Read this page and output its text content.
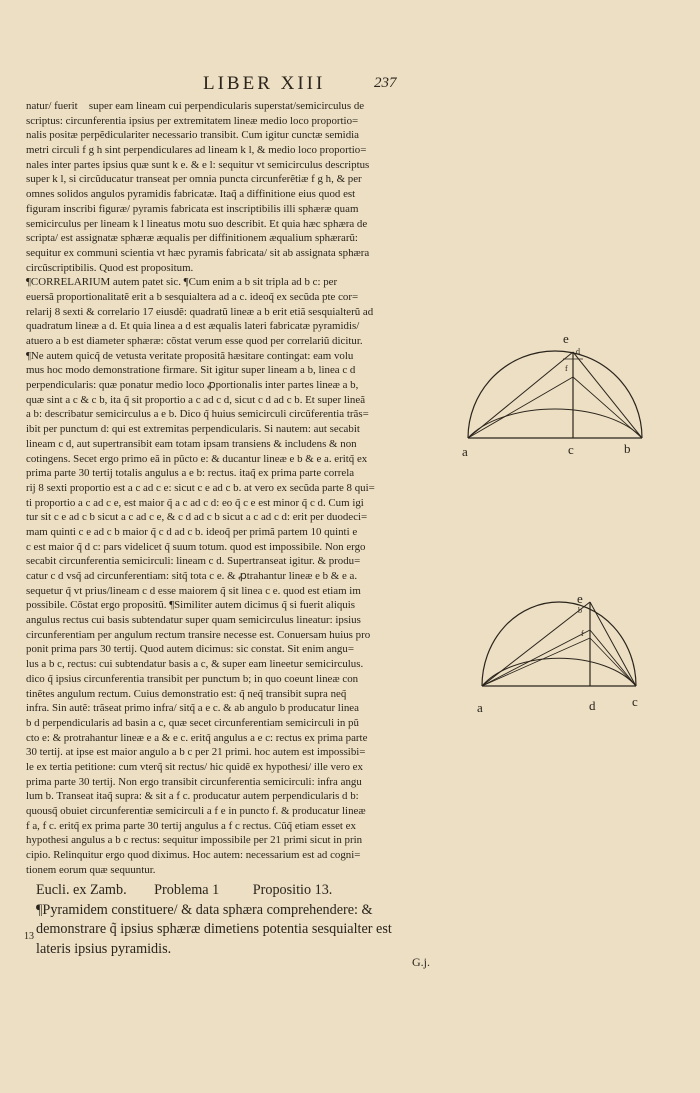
LIBER XIII	237
natur/ fuerit super eam lineam cui perpendicularis superstat/semicirculus de
scriptus: circunferentia ipsius per extremitatem lineæ medio loco proportio=
nalis positæ perpẽdiculariter necessario transibit. Cum igitur cunctæ semidia
metri circuli f g h sint perpendiculares ad lineam k l, & medio loco proportio=
nales inter partes ipsius quæ sunt k e. & e l: sequitur vt semicirculus descriptus
super k l, si circũducatur transeat per omnia puncta circunferẽtiæ f g h, & per
omnes solidos angulos pyramidis fabricatæ. Itaq̃ a diffinitione eius quod est
figuram inscribi figuræ/ pyramis fabricata est inscriptibilis illi sphæræ quam
semicirculus per lineam k l lineatus motu suo describit. Et quia hæc sphæra de
scripta/ est assignatæ sphæræ æqualis per diffinitionem æqualium sphærarũ:
sequitur ex communi scientia vt hæc pyramis fabricata/ sit ab assignata sphæra
circũscriptibilis. Quod est propositum.
¶CORRELARIUM autem patet sic. ¶Cum enim a b sit tripla ad b c: per
euersã proportionalitatẽ erit a b sesquialtera ad a c. ideoq̃ ex secũda pte cor=
relarij 8 sexti & correlario 17 eiusdẽ: quadratũ lineæ a b erit etiã sesquialterũ ad
quadratum lineæ a d. Et quia linea a d est æqualis lateri fabricatæ pyramidis/
atuero a b est diameter sphæræ: cõstat verum esse quod per correlariũ dicitur.
¶Ne autem quicq̃ de vetusta veritate propositã hæsitare contingat: eam volu
mus hoc modo demonstratione firmare. Sit igitur super lineam a b, linea c d
perpendicularis: quæ ponatur medio loco ꝓportionalis inter partes lineæ a b,
quæ sint a c & c b, ita q̃ sit proportio a c ad c d, sicut c d ad c b. Et super lineã
a b: describatur semicirculus a e b. Dico q̃ huius semicirculi circũferentia trãs=
ibit per punctum d: qui est extremitas perpendicularis. Si nautem: aut secabit
lineam c d, aut supertransibit eam totam ipsam transiens & includens & non
cotingens. Secet ergo primo eã in pũcto e: & ducantur lineæ e b & e a. eritq̃ ex
prima parte 30 tertij totalis angulus a e b: rectus. itaq̃ ex prima parte correla
rij 8 sexti proportio est a c ad c e: sicut c e ad c b. at vero ex secũda parte 8 qui=
ti proportio a c ad c e, est maior q̃ a c ad c d: eo q̃ c e est minor q̃ c d. Cum igi
tur sit c e ad c b sicut a c ad c e, & c d ad c b sicut a c ad c d: erit per duodeci=
mam quinti c e ad c b maior q̃ c d ad c b. ideoq̃ per primã partem 10 quinti e
c est maior q̃ d c: pars videlicet q̃ suum totum. quod est impossibile. Non ergo
secabit circunferentia semicirculi: lineam c d. Supertranseat igitur. & produ=
catur c d vsq̃ ad circunferentiam: sitq̃ tota c e. & ꝓtrahantur lineæ e b & e a.
sequetur q̃ vt prius/lineam c d esse maiorem q̃ sit linea c e. quod est etiam im
possibile. Cõstat ergo propositũ. ¶Similiter autem dicimus q̃ si fuerit aliquis
angulus rectus cui basis subtendatur super quam semicirculus lineatur: ipsius
circunferentiam per angulum rectum transire necesse est. Conuersam huius pro
ponit prima pars 30 tertij. Quod autem dicimus: sic constat. Sit enim angu=
lus a b c, rectus: cui subtendatur basis a c, & super eam lineetur semicirculus.
dico q̃ ipsius circunferentia transibit per punctum b; in quo coeunt lineæ con
tinẽtes angulum rectum. Cuius demonstratio est: q̃ neq̃ transibit supra neq̃
infra. Sin autẽ: trãseat primo infra/ sitq̃ a e c. & ab angulo b producatur linea
b d perpendicularis ad basin a c, quæ secet circunferentiam semicirculi in pũ
cto e: & protrahantur lineæ e a & e c. eritq̃ angulus a e c: rectus ex prima parte
30 tertij. at ipse est maior angulo a b c per 21 primi. hoc autem est impossibi=
le ex tertia petitione: cum vterq̃ sit rectus/ hic quidẽ ex hypothesi/ ille vero ex
prima parte 30 tertij. Non ergo transibit circunferentia semicirculi: infra angu
lum b. Transeat itaq̃ supra: & sit a f c. producatur autem perpendicularis d b:
quousq̃ obuiet circunferentiæ semicirculi a f e in puncto f. & producatur lineæ
f a, f c. eritq̃ ex prima parte 30 tertij angulus a f c rectus. Cũq̃ etiam esset ex
hypothesi angulus a b c rectus: sequitur impossibile per 21 primi sicut in prin
cipio. Relinquitur ergo quod diximus. Hoc autem: necessarium est ad cogni=
tionem eorum quæ sequuntur.
e
d
f
a	c	b
e
b
f
a	d	c
Eucli. ex Zamb. Problema 1 Propositio 13.
¶Pyramidem constituere/ & data sphæra comprehendere: &
demonstrare q̃ ipsius sphæræ dimetiens potentia sesquialter est
lateris ipsius pyramidis.
13
G.j.
